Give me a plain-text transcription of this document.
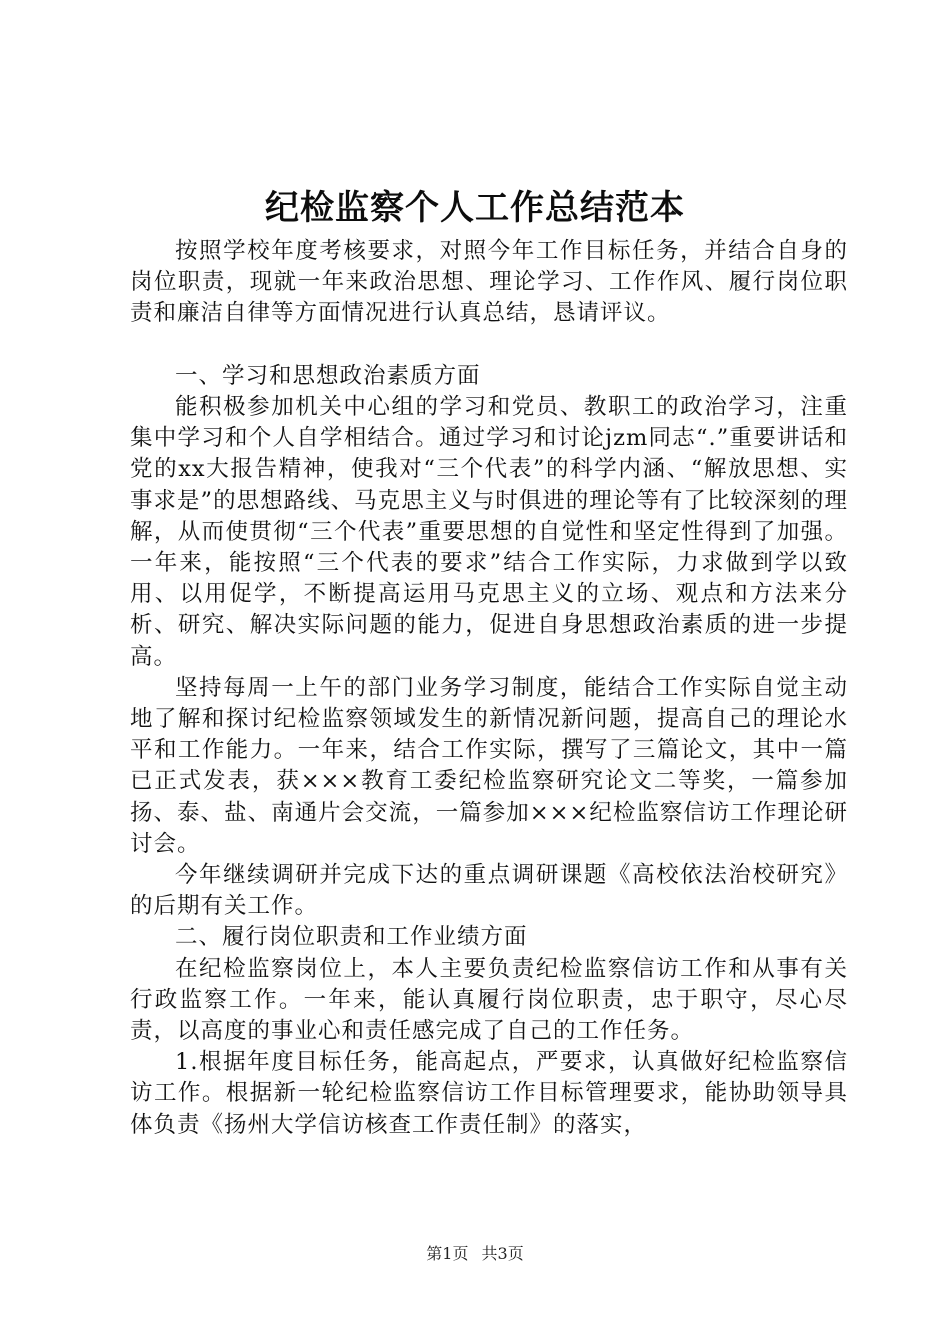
纪检监察个人工作总结范本

按照学校年度考核要求，对照今年工作目标任务，并结合自身的岗位职责，现就一年来政治思想、理论学习、工作作风、履行岗位职责和廉洁自律等方面情况进行认真总结，恳请评议。

一、学习和思想政治素质方面

能积极参加机关中心组的学习和党员、教职工的政治学习，注重集中学习和个人自学相结合。通过学习和讨论jzm同志“.”重要讲话和党的xx大报告精神，使我对“三个代表”的科学内涵、“解放思想、实事求是”的思想路线、马克思主义与时俱进的理论等有了比较深刻的理解，从而使贯彻“三个代表”重要思想的自觉性和坚定性得到了加强。一年来，能按照“三个代表的要求”结合工作实际，力求做到学以致用、以用促学，不断提高运用马克思主义的立场、观点和方法来分析、研究、解决实际问题的能力，促进自身思想政治素质的进一步提高。

坚持每周一上午的部门业务学习制度，能结合工作实际自觉主动地了解和探讨纪检监察领域发生的新情况新问题，提高自己的理论水平和工作能力。一年来，结合工作实际，撰写了三篇论文，其中一篇已正式发表，获×××教育工委纪检监察研究论文二等奖，一篇参加扬、泰、盐、南通片会交流，一篇参加×××纪检监察信访工作理论研讨会。

今年继续调研并完成下达的重点调研课题《高校依法治校研究》的后期有关工作。

二、履行岗位职责和工作业绩方面

在纪检监察岗位上，本人主要负责纪检监察信访工作和从事有关行政监察工作。一年来，能认真履行岗位职责，忠于职守，尽心尽责，以高度的事业心和责任感完成了自己的工作任务。

1.根据年度目标任务，能高起点，严要求，认真做好纪检监察信访工作。根据新一轮纪检监察信访工作目标管理要求，能协助领导具体负责《扬州大学信访核查工作责任制》的落实，

第1页 共3页
